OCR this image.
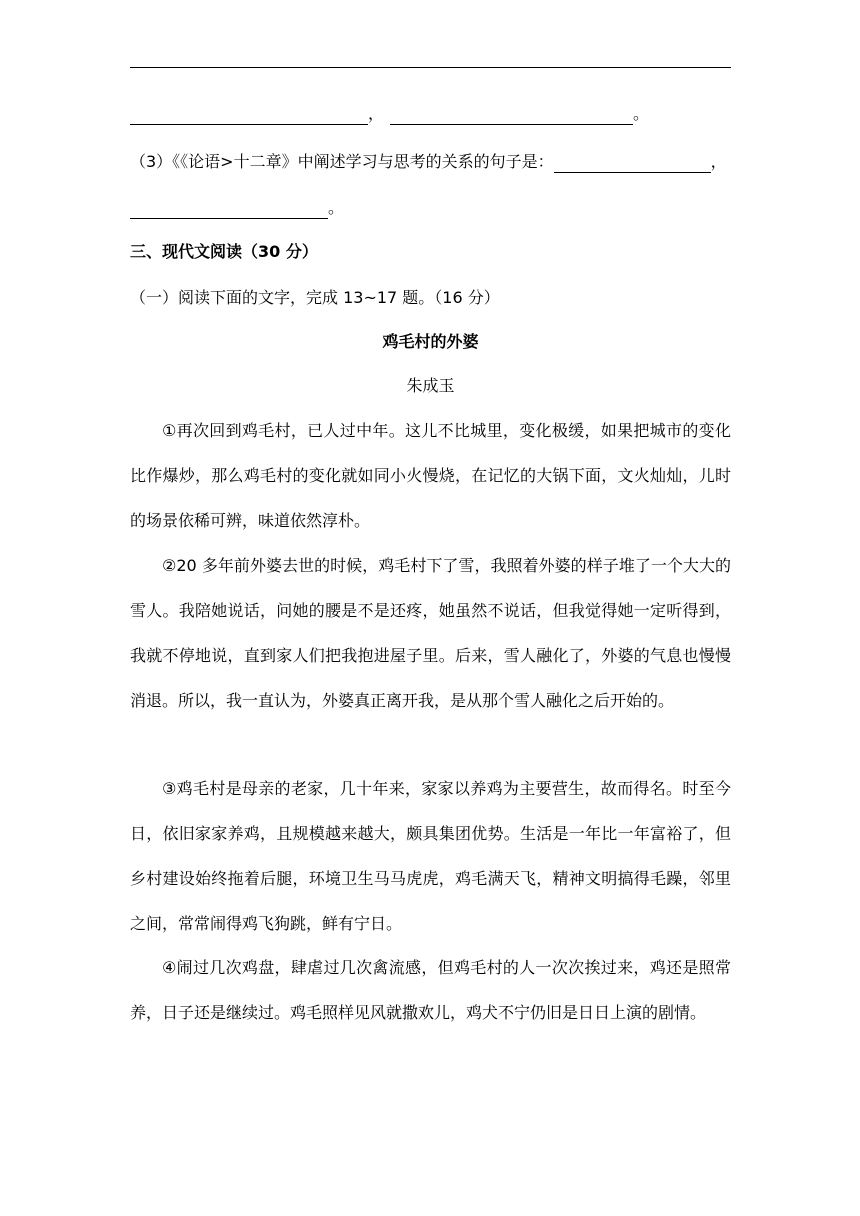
，	。
（3）《《论语>十二章》中阐述学习与思考的关系的句子是：	，
。
三、现代文阅读（30 分）
（一）阅读下面的文字，完成 13~17 题。（16 分）
鸡毛村的外婆
朱成玉

①再次回到鸡毛村，已人过中年。这儿不比城里，变化极缓，如果把城市的变化比作爆炒，那么鸡毛村的变化就如同小火慢烧，在记忆的大锅下面，文火灿灿，儿时的场景依稀可辨，味道依然淳朴。

②20 多年前外婆去世的时候，鸡毛村下了雪，我照着外婆的样子堆了一个大大的雪人。我陪她说话，问她的腰是不是还疼，她虽然不说话，但我觉得她一定听得到，我就不停地说，直到家人们把我抱进屋子里。后来，雪人融化了，外婆的气息也慢慢消退。所以，我一直认为，外婆真正离开我，是从那个雪人融化之后开始的。

③鸡毛村是母亲的老家，几十年来，家家以养鸡为主要营生，故而得名。时至今日，依旧家家养鸡，且规模越来越大，颇具集团优势。生活是一年比一年富裕了，但乡村建设始终拖着后腿，环境卫生马马虎虎，鸡毛满天飞，精神文明搞得毛躁，邻里之间，常常闹得鸡飞狗跳，鲜有宁日。

④闹过几次鸡盘，肆虐过几次禽流感，但鸡毛村的人一次次挨过来，鸡还是照常养，日子还是继续过。鸡毛照样见风就撒欢儿，鸡犬不宁仍旧是日日上演的剧情。
